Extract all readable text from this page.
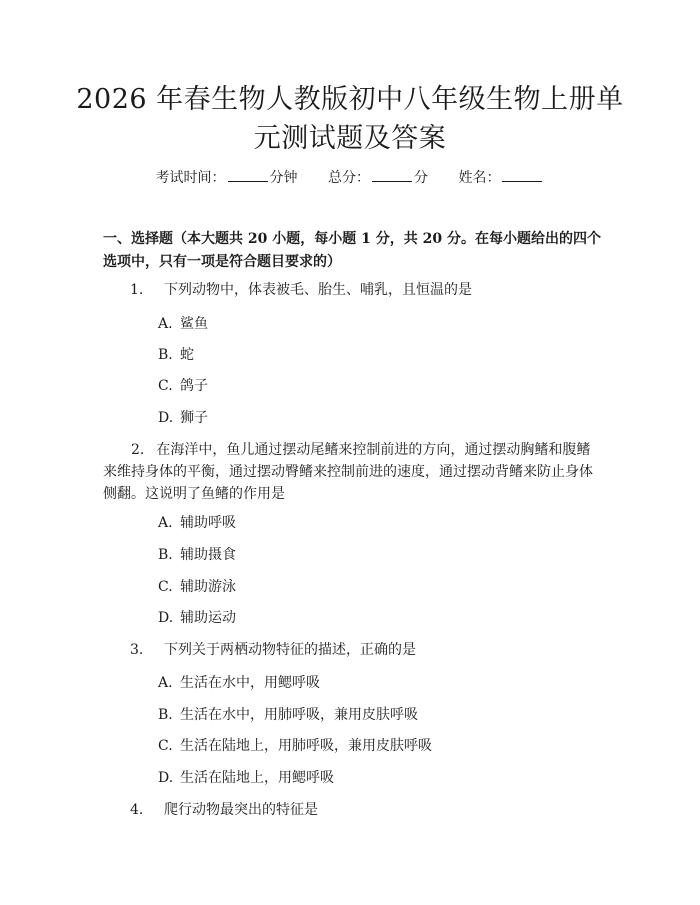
2026 年春生物人教版初中八年级生物上册单
元测试题及答案
考试时间：	分钟 总分：	分 姓名：
一、选择题（本大题共 20 小题，每小题 1 分，共 20 分。在每小题给出的四个选项中，只有一项是符合题目要求的）
1. 下列动物中，体表被毛、胎生、哺乳，且恒温的是
A. 鲨鱼
B. 蛇
C. 鸽子
D. 狮子
2. 在海洋中，鱼儿通过摆动尾鳍来控制前进的方向，通过摆动胸鳍和腹鳍来维持身体的平衡，通过摆动臀鳍来控制前进的速度，通过摆动背鳍来防止身体侧翻。这说明了鱼鳍的作用是
A. 辅助呼吸
B. 辅助摄食
C. 辅助游泳
D. 辅助运动
3. 下列关于两栖动物特征的描述，正确的是
A. 生活在水中，用鳃呼吸
B. 生活在水中，用肺呼吸，兼用皮肤呼吸
C. 生活在陆地上，用肺呼吸，兼用皮肤呼吸
D. 生活在陆地上，用鳃呼吸
4. 爬行动物最突出的特征是
